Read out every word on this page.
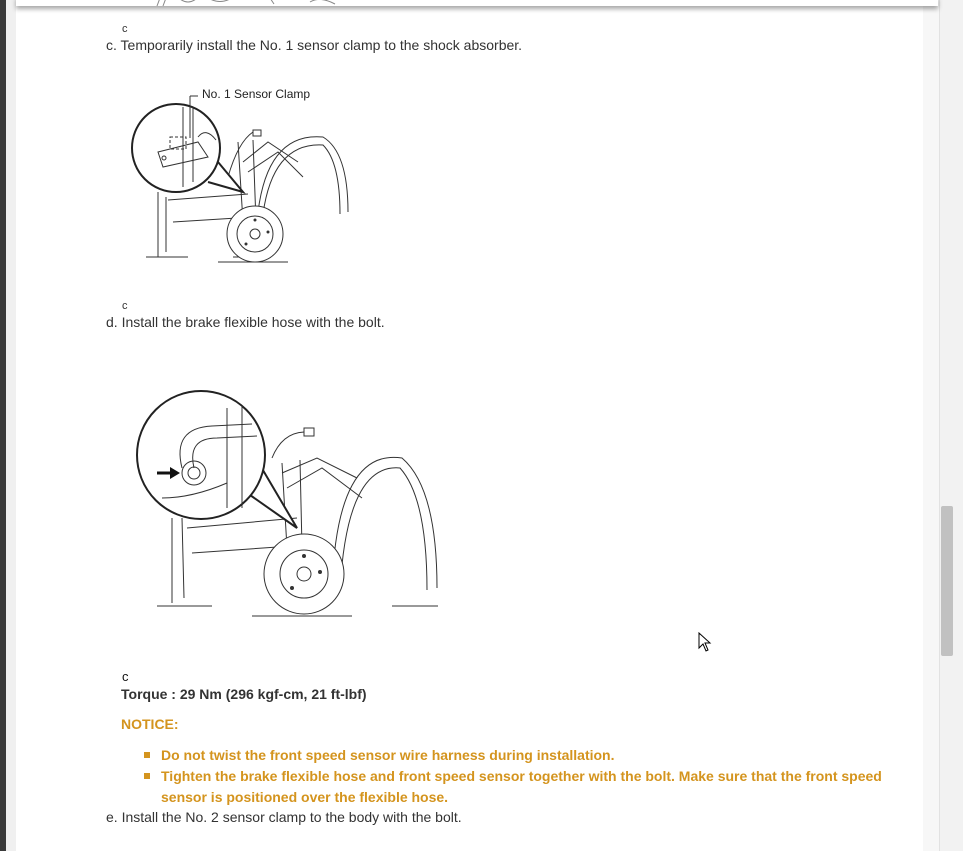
c
c. Temporarily install the No. 1 sensor clamp to the shock absorber.
No. 1 Sensor Clamp
c
d. Install the brake flexible hose with the bolt.
c
Torque : 29 Nm (296 kgf-cm, 21 ft-lbf)
NOTICE:
Do not twist the front speed sensor wire harness during installation.
Tighten the brake flexible hose and front speed sensor together with the bolt. Make sure that the front speed sensor is positioned over the flexible hose.
e. Install the No. 2 sensor clamp to the body with the bolt.
